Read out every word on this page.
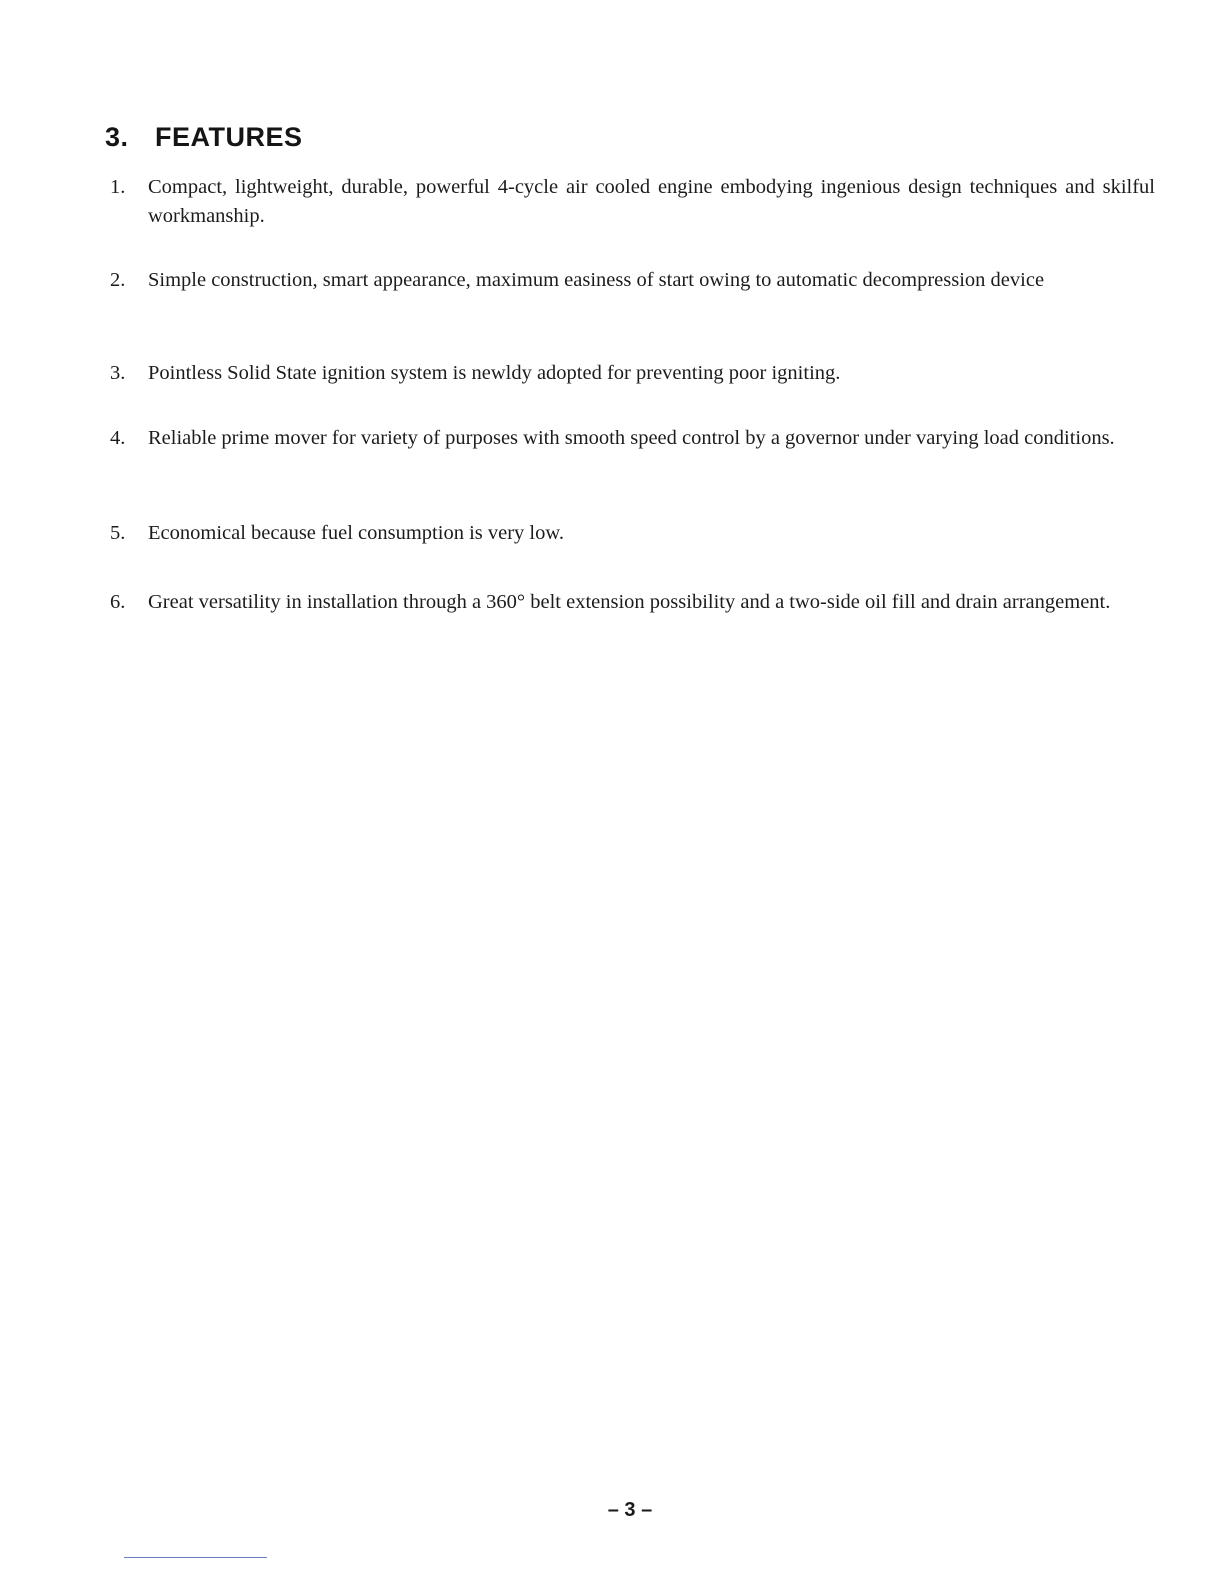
3. FEATURES
1.	Compact, lightweight, durable, powerful 4-cycle air cooled engine embodying ingenious design techniques and skilful workmanship.
2.	Simple construction, smart appearance, maximum easiness of start owing to automatic decompression device
3.	Pointless Solid State ignition system is newldy adopted for preventing poor igniting.
4.	Reliable prime mover for variety of purposes with smooth speed control by a governor under varying load conditions.
5.	Economical because fuel consumption is very low.
6.	Great versatility in installation through a 360° belt extension possibility and a two-side oil fill and drain arrangement.
– 3 –
